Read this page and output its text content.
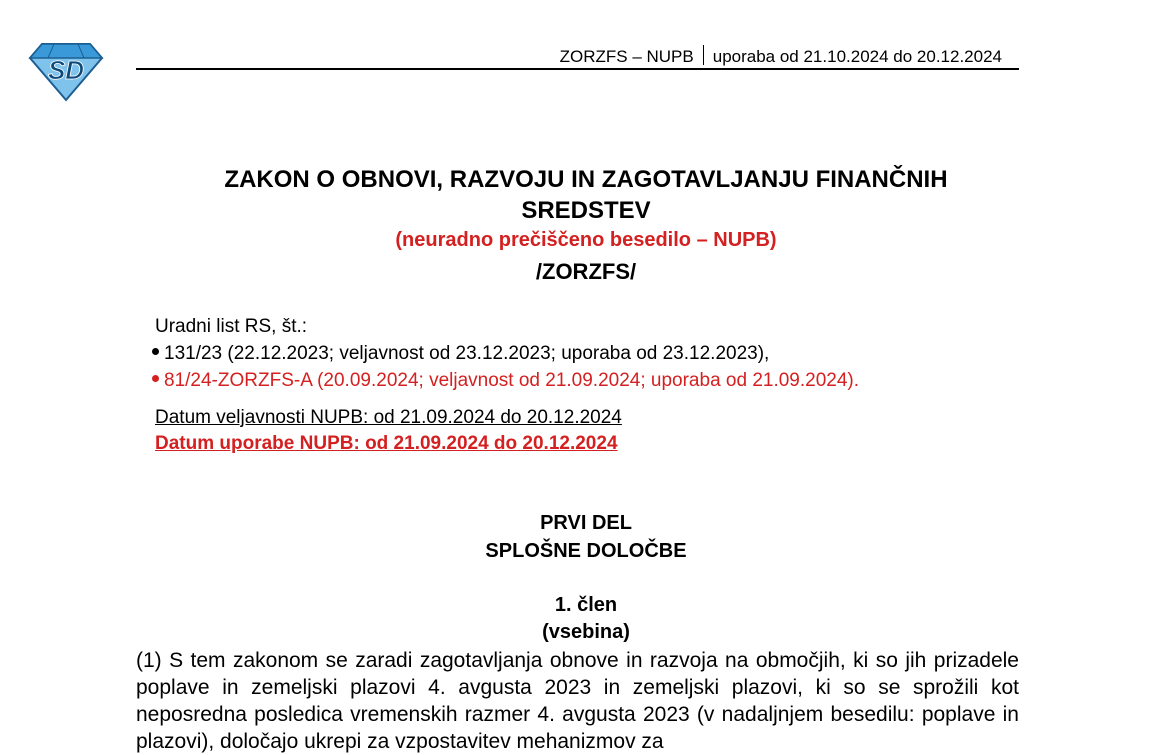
SD	ZORZFS – NUPB uporaba od 21.10.2024 do 20.12.2024
ZAKON O OBNOVI, RAZVOJU IN ZAGOTAVLJANJU FINANČNIH
SREDSTEV
(neuradno prečiščeno besedilo – NUPB)
/ZORZFS/
Uradni list RS, št.:
131/23 (22.12.2023; veljavnost od 23.12.2023; uporaba od 23.12.2023),
81/24-ZORZFS-A (20.09.2024; veljavnost od 21.09.2024; uporaba od 21.09.2024).
Datum veljavnosti NUPB: od 21.09.2024 do 20.12.2024
Datum uporabe NUPB: od 21.09.2024 do 20.12.2024
PRVI DEL
SPLOŠNE DOLOČBE
1. člen
(vsebina)
(1) S tem zakonom se zaradi zagotavljanja obnove in razvoja na območjih, ki so jih prizadele poplave in zemeljski plazovi 4. avgusta 2023 in zemeljski plazovi, ki so se sprožili kot neposredna posledica vremenskih razmer 4. avgusta 2023 (v nadaljnjem besedilu: poplave in plazovi), določajo ukrepi za vzpostavitev mehanizmov za
